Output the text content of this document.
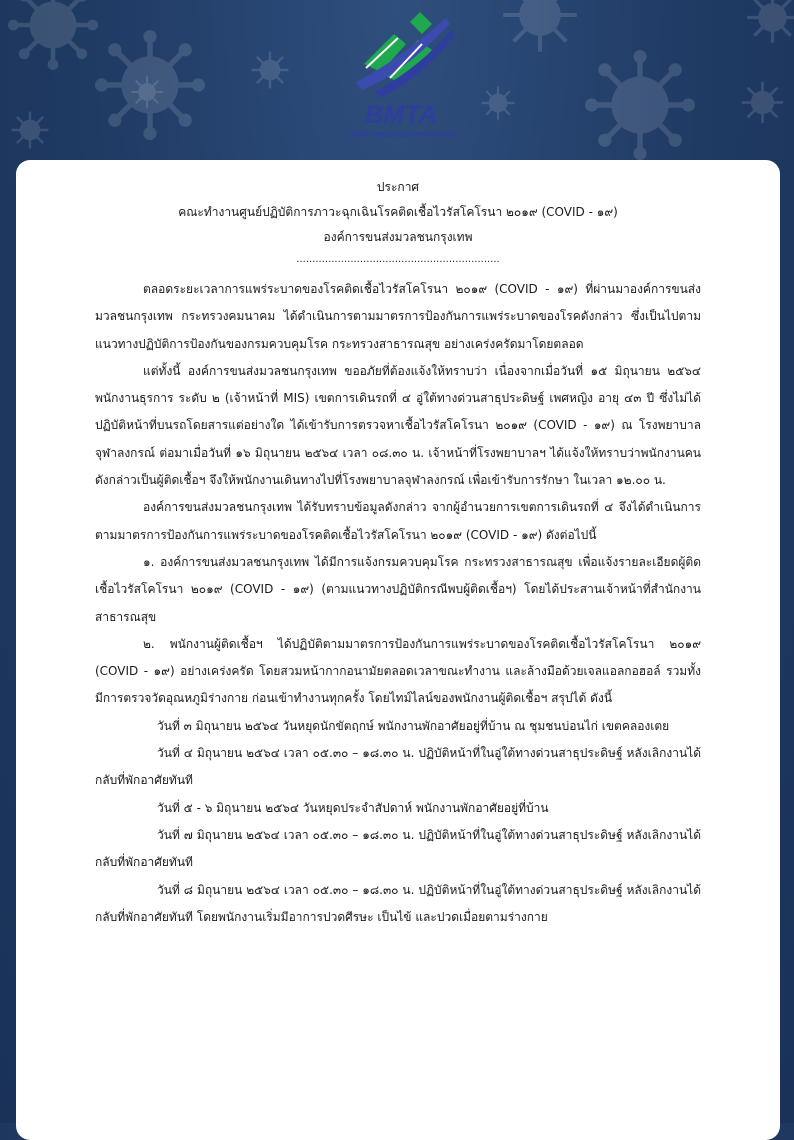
BMTA
องค์การขนส่งมวลชนกรุงเทพ
ประกาศ
คณะทำงานศูนย์ปฏิบัติการภาวะฉุกเฉินโรคติดเชื้อไวรัสโคโรนา ๒๐๑๙ (COVID - ๑๙)
องค์การขนส่งมวลชนกรุงเทพ
................................................................

ตลอดระยะเวลาการแพร่ระบาดของโรคติดเชื้อไวรัสโคโรนา ๒๐๑๙ (COVID - ๑๙) ที่ผ่านมาองค์การขนส่งมวลชนกรุงเทพ กระทรวงคมนาคม ได้ดำเนินการตามมาตรการป้องกันการแพร่ระบาดของโรคดังกล่าว ซึ่งเป็นไปตามแนวทางปฏิบัติการป้องกันของกรมควบคุมโรค กระทรวงสาธารณสุข อย่างเคร่งครัดมาโดยตลอด

แต่ทั้งนี้ องค์การขนส่งมวลชนกรุงเทพ ขออภัยที่ต้องแจ้งให้ทราบว่า เนื่องจากเมื่อวันที่ ๑๕ มิถุนายน ๒๕๖๔ พนักงานธุรการ ระดับ ๒ (เจ้าหน้าที่ MIS) เขตการเดินรถที่ ๔ อู่ใต้ทางด่วนสาธุประดิษฐ์ เพศหญิง อายุ ๔๓ ปี ซึ่งไม่ได้ปฏิบัติหน้าที่บนรถโดยสารแต่อย่างใด ได้เข้ารับการตรวจหาเชื้อไวรัสโคโรนา ๒๐๑๙ (COVID - ๑๙) ณ โรงพยาบาลจุฬาลงกรณ์ ต่อมาเมื่อวันที่ ๑๖ มิถุนายน ๒๕๖๔ เวลา ๐๘.๓๐ น. เจ้าหน้าที่โรงพยาบาลฯ ได้แจ้งให้ทราบว่าพนักงานคนดังกล่าวเป็นผู้ติดเชื้อฯ จึงให้พนักงานเดินทางไปที่โรงพยาบาลจุฬาลงกรณ์ เพื่อเข้ารับการรักษา ในเวลา ๑๒.๐๐ น.

องค์การขนส่งมวลชนกรุงเทพ ได้รับทราบข้อมูลดังกล่าว จากผู้อำนวยการเขตการเดินรถที่ ๔ จึงได้ดำเนินการตามมาตรการป้องกันการแพร่ระบาดของโรคติดเชื้อไวรัสโคโรนา ๒๐๑๙ (COVID - ๑๙) ดังต่อไปนี้

๑. องค์การขนส่งมวลชนกรุงเทพ ได้มีการแจ้งกรมควบคุมโรค กระทรวงสาธารณสุข เพื่อแจ้งรายละเอียดผู้ติดเชื้อไวรัสโคโรนา ๒๐๑๙ (COVID - ๑๙) (ตามแนวทางปฏิบัติกรณีพบผู้ติดเชื้อฯ) โดยได้ประสานเจ้าหน้าที่สำนักงานสาธารณสุข

๒. พนักงานผู้ติดเชื้อฯ ได้ปฏิบัติตามมาตรการป้องกันการแพร่ระบาดของโรคติดเชื้อไวรัสโคโรนา ๒๐๑๙ (COVID - ๑๙) อย่างเคร่งครัด โดยสวมหน้ากากอนามัยตลอดเวลาขณะทำงาน และล้างมือด้วยเจลแอลกอฮอล์ รวมทั้ง มีการตรวจวัดอุณหภูมิร่างกาย ก่อนเข้าทำงานทุกครั้ง โดยไทม์ไลน์ของพนักงานผู้ติดเชื้อฯ สรุปได้ ดังนี้

วันที่ ๓ มิถุนายน ๒๕๖๔ วันหยุดนักขัตฤกษ์ พนักงานพักอาศัยอยู่ที่บ้าน ณ ชุมชนบ่อนไก่ เขตคลองเตย

วันที่ ๔ มิถุนายน ๒๕๖๔ เวลา ๐๕.๓๐ – ๑๘.๓๐ น. ปฏิบัติหน้าที่ในอู่ใต้ทางด่วนสาธุประดิษฐ์ หลังเลิกงานได้กลับที่พักอาศัยทันที

วันที่ ๕ - ๖ มิถุนายน ๒๕๖๔ วันหยุดประจำสัปดาห์ พนักงานพักอาศัยอยู่ที่บ้าน

วันที่ ๗ มิถุนายน ๒๕๖๔ เวลา ๐๕.๓๐ – ๑๘.๓๐ น. ปฏิบัติหน้าที่ในอู่ใต้ทางด่วนสาธุประดิษฐ์ หลังเลิกงานได้กลับที่พักอาศัยทันที

วันที่ ๘ มิถุนายน ๒๕๖๔ เวลา ๐๕.๓๐ – ๑๘.๓๐ น. ปฏิบัติหน้าที่ในอู่ใต้ทางด่วนสาธุประดิษฐ์ หลังเลิกงานได้กลับที่พักอาศัยทันที โดยพนักงานเริ่มมีอาการปวดศีรษะ เป็นไข้ และปวดเมื่อยตามร่างกาย
